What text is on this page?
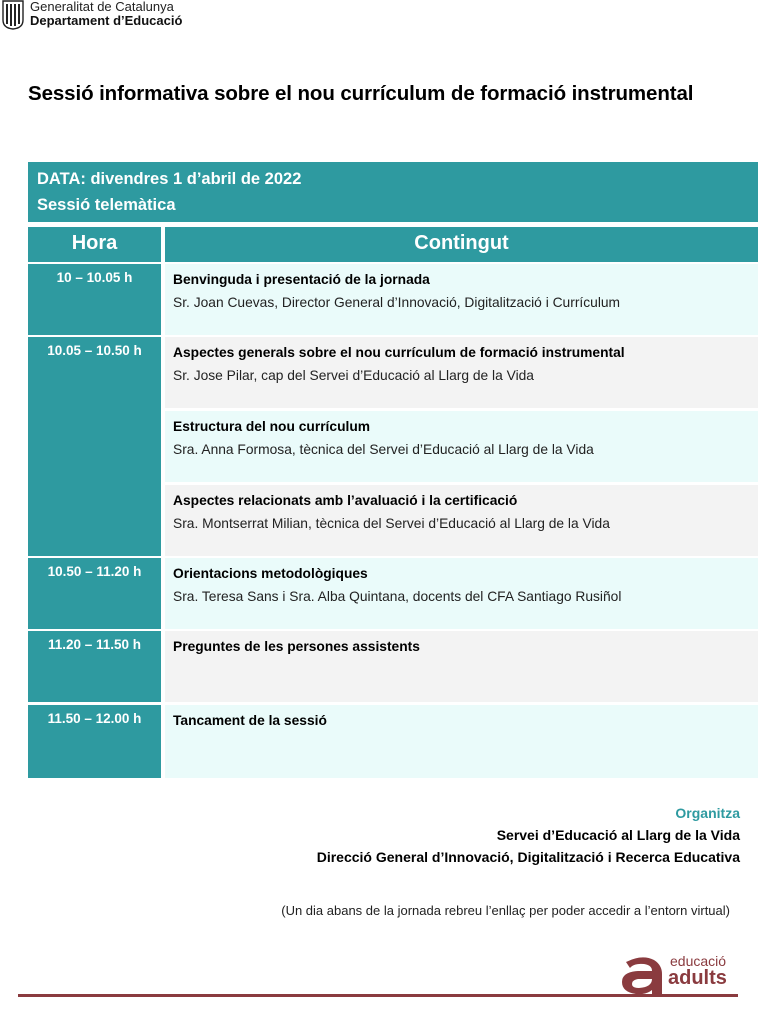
Generalitat de Catalunya
Departament d’Educació
Sessió informativa sobre el nou currículum de formació instrumental
DATA: divendres 1 d’abril de 2022
Sessió telemàtica
Hora	Contingut
10 – 10.05 h
10.05 – 10.50 h
10.50 – 11.20 h
11.20 – 11.50 h
11.50 – 12.00 h
Benvinguda i presentació de la jornada
Sr. Joan Cuevas, Director General d’Innovació, Digitalització i Currículum
Aspectes generals sobre el nou currículum de formació instrumental
Sr. Jose Pilar, cap del Servei d’Educació al Llarg de la Vida
Estructura del nou currículum
Sra. Anna Formosa, tècnica del Servei d’Educació al Llarg de la Vida
Aspectes relacionats amb l’avaluació i la certificació
Sra. Montserrat Milian, tècnica del Servei d’Educació al Llarg de la Vida
Orientacions metodològiques
Sra. Teresa Sans i Sra. Alba Quintana, docents del CFA Santiago Rusiñol
Preguntes de les persones assistents
Tancament de la sessió
Organitza
Servei d’Educació al Llarg de la Vida
Direcció General d’Innovació, Digitalització i Recerca Educativa
(Un dia abans de la jornada rebreu l’enllaç per poder accedir a l’entorn virtual)
educació
adults
